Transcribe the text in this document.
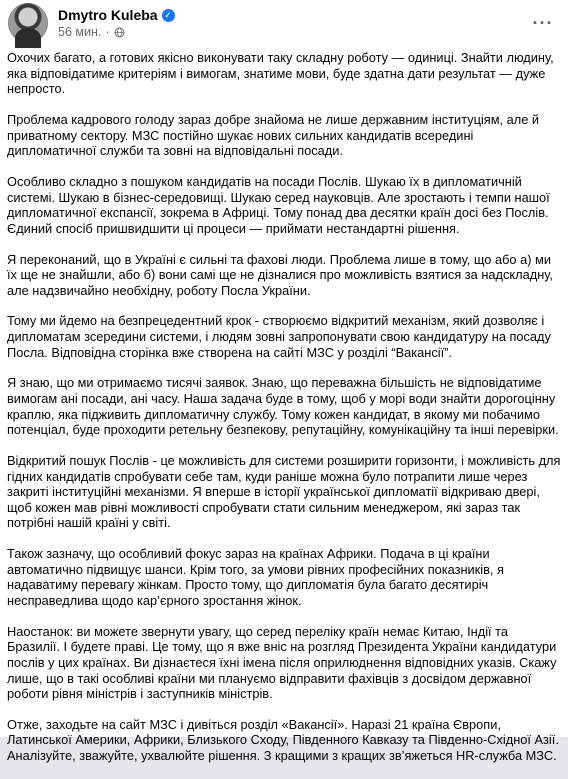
Dmytro Kuleba ✓
56 мин. ·	···

Охочих багато, а готових якісно виконувати таку складну роботу — одиниці. Знайти людину, яка відповідатиме критеріям і вимогам, знатиме мови, буде здатна дати результат — дуже непросто.

Проблема кадрового голоду зараз добре знайома не лише державним інституціям, але й приватному сектору. МЗС постійно шукає нових сильних кандидатів всередині дипломатичної служби та зовні на відповідальні посади.

Особливо складно з пошуком кандидатів на посади Послів. Шукаю їх в дипломатичній системі. Шукаю в бізнес-середовищі. Шукаю серед науковців. Але зростають і темпи нашої дипломатичної експансії, зокрема в Африці. Тому понад два десятки країн досі без Послів. Єдиний спосіб пришвидшити ці процеси — приймати нестандартні рішення.

Я переконаний, що в Україні є сильні та фахові люди. Проблема лише в тому, що або а) ми їх ще не знайшли, або б) вони самі ще не дізналися про можливість взятися за надскладну, але надзвичайно необхідну, роботу Посла України.

Тому ми йдемо на безпрецедентний крок - створюємо відкритий механізм, який дозволяє і дипломатам зсередини системи, і людям зовні запропонувати свою кандидатуру на посаду Посла. Відповідна сторінка вже створена на сайті МЗС у розділі “Вакансії”.

Я знаю, що ми отримаємо тисячі заявок. Знаю, що переважна більшість не відповідатиме вимогам ані посади, ані часу. Наша задача буде в тому, щоб у морі води знайти дорогоцінну краплю, яка підживить дипломатичну службу. Тому кожен кандидат, в якому ми побачимо потенціал, буде проходити ретельну безпекову, репутаційну, комунікаційну та інші перевірки.

Відкритий пошук Послів - це можливість для системи розширити горизонти, і можливість для гідних кандидатів спробувати себе там, куди раніше можна було потрапити лише через закриті інституційні механізми. Я вперше в історії української дипломатії відкриваю двері, щоб кожен мав рівні можливості спробувати стати сильним менеджером, які зараз так потрібні нашій країні у світі.

Також зазначу, що особливий фокус зараз на країнах Африки. Подача в ці країни автоматично підвищує шанси. Крім того, за умови рівних професійних показників, я надаватиму перевагу жінкам. Просто тому, що дипломатія була багато десятиріч несправедлива щодо кар’єрного зростання жінок.

Наостанок: ви можете звернути увагу, що серед переліку країн немає Китаю, Індії та Бразилії. І будете праві. Це тому, що я вже вніс на розгляд Президента України кандидатури послів у цих країнах. Ви дізнаєтеся їхні імена після оприлюднення відповідних указів. Скажу лише, що в такі особливі країни ми плануємо відправити фахівців з досвідом державної роботи рівня міністрів і заступників міністрів.

Отже, заходьте на сайт МЗС і дивіться розділ «Вакансії». Наразі 21 країна Європи, Латинської Америки, Африки, Близького Сходу, Південного Кавказу та Південно-Східної Азії. Аналізуйте, зважуйте, ухвалюйте рішення. З кращими з кращих зв’яжеться HR-служба МЗС.
